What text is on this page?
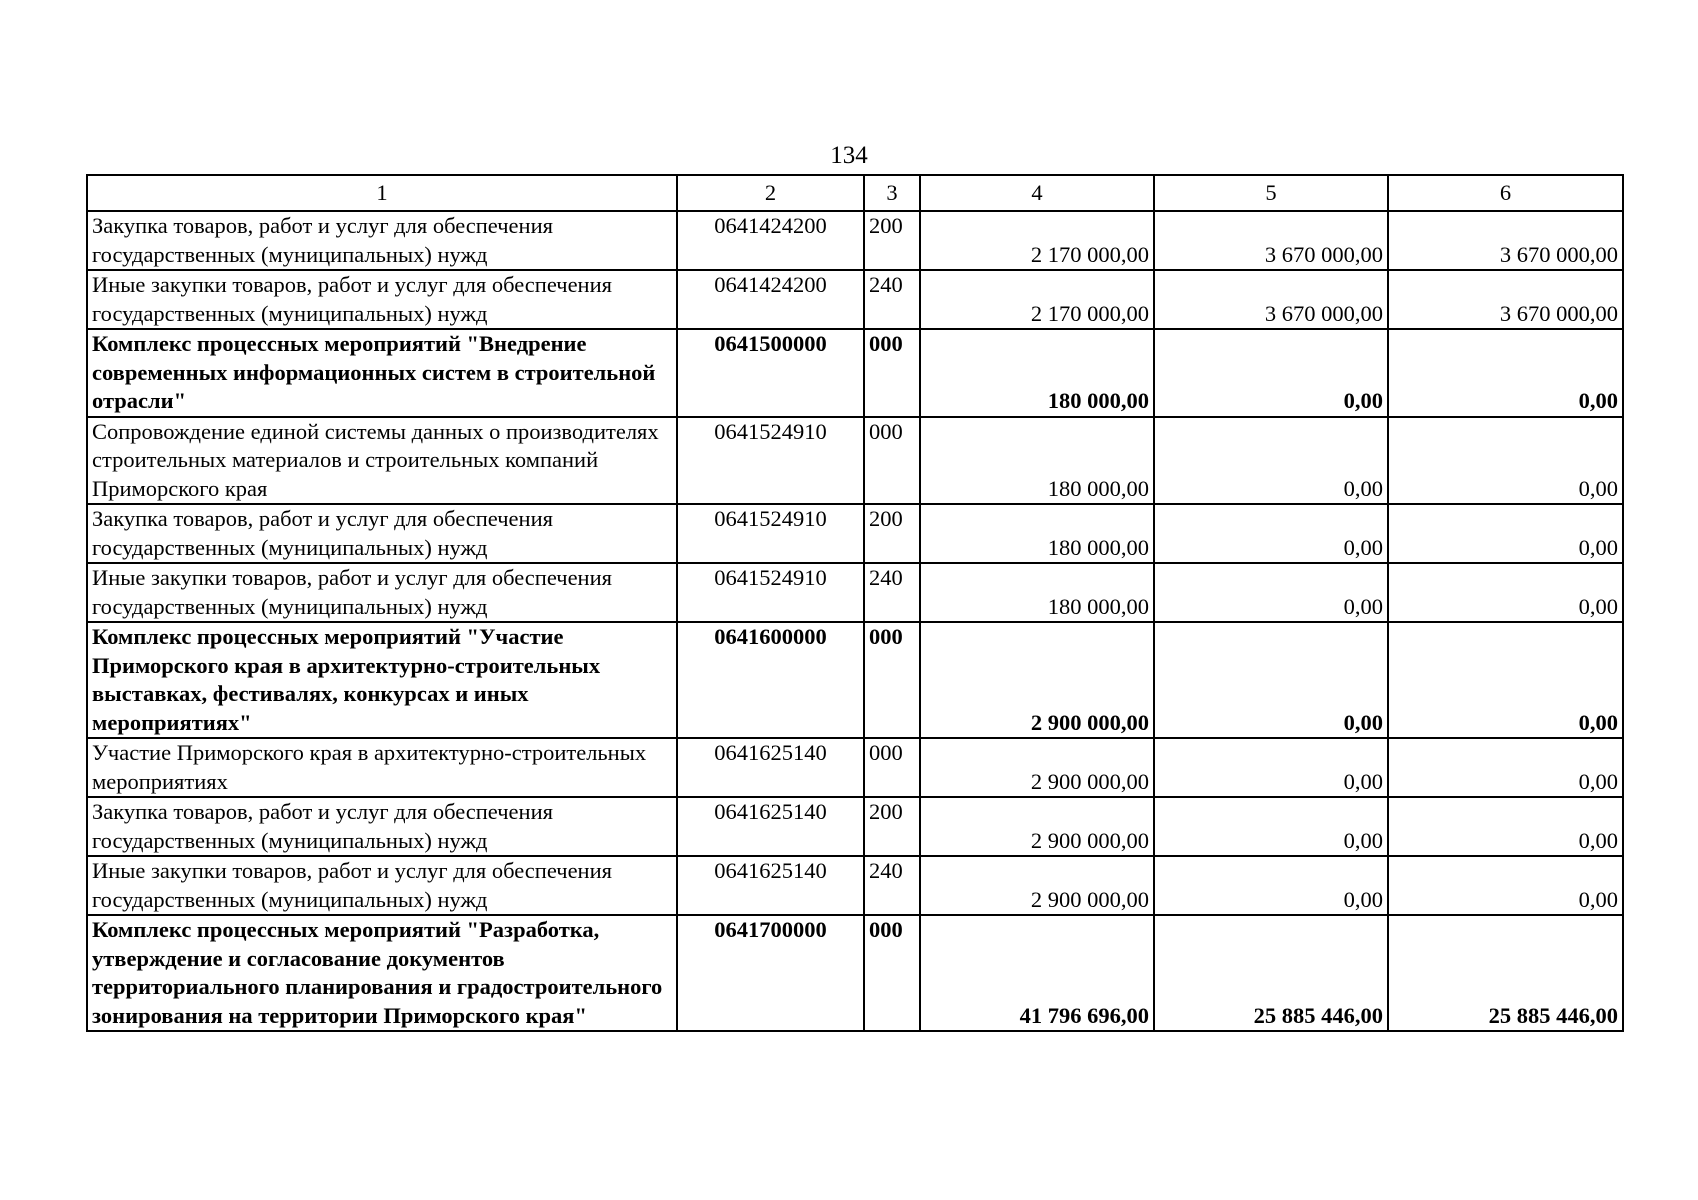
134
1	2	3	4	5	6
Закупка товаров, работ и услуг для обеспечения государственных (муниципальных) нужд	0641424200	200	2 170 000,00	3 670 000,00	3 670 000,00
Иные закупки товаров, работ и услуг для обеспечения государственных (муниципальных) нужд	0641424200	240	2 170 000,00	3 670 000,00	3 670 000,00
Комплекс процессных мероприятий "Внедрение современных информационных систем в строительной отрасли"	0641500000	000	180 000,00	0,00	0,00
Сопровождение единой системы данных о производителях строительных материалов и строительных компаний Приморского края	0641524910	000	180 000,00	0,00	0,00
Закупка товаров, работ и услуг для обеспечения государственных (муниципальных) нужд	0641524910	200	180 000,00	0,00	0,00
Иные закупки товаров, работ и услуг для обеспечения государственных (муниципальных) нужд	0641524910	240	180 000,00	0,00	0,00
Комплекс процессных мероприятий "Участие Приморского края в архитектурно-строительных выставках, фестивалях, конкурсах и иных мероприятиях"	0641600000	000	2 900 000,00	0,00	0,00
Участие Приморского края в архитектурно-строительных мероприятиях	0641625140	000	2 900 000,00	0,00	0,00
Закупка товаров, работ и услуг для обеспечения государственных (муниципальных) нужд	0641625140	200	2 900 000,00	0,00	0,00
Иные закупки товаров, работ и услуг для обеспечения государственных (муниципальных) нужд	0641625140	240	2 900 000,00	0,00	0,00
Комплекс процессных мероприятий "Разработка, утверждение и согласование документов территориального планирования и градостроительного зонирования на территории Приморского края"	0641700000	000	41 796 696,00	25 885 446,00	25 885 446,00
